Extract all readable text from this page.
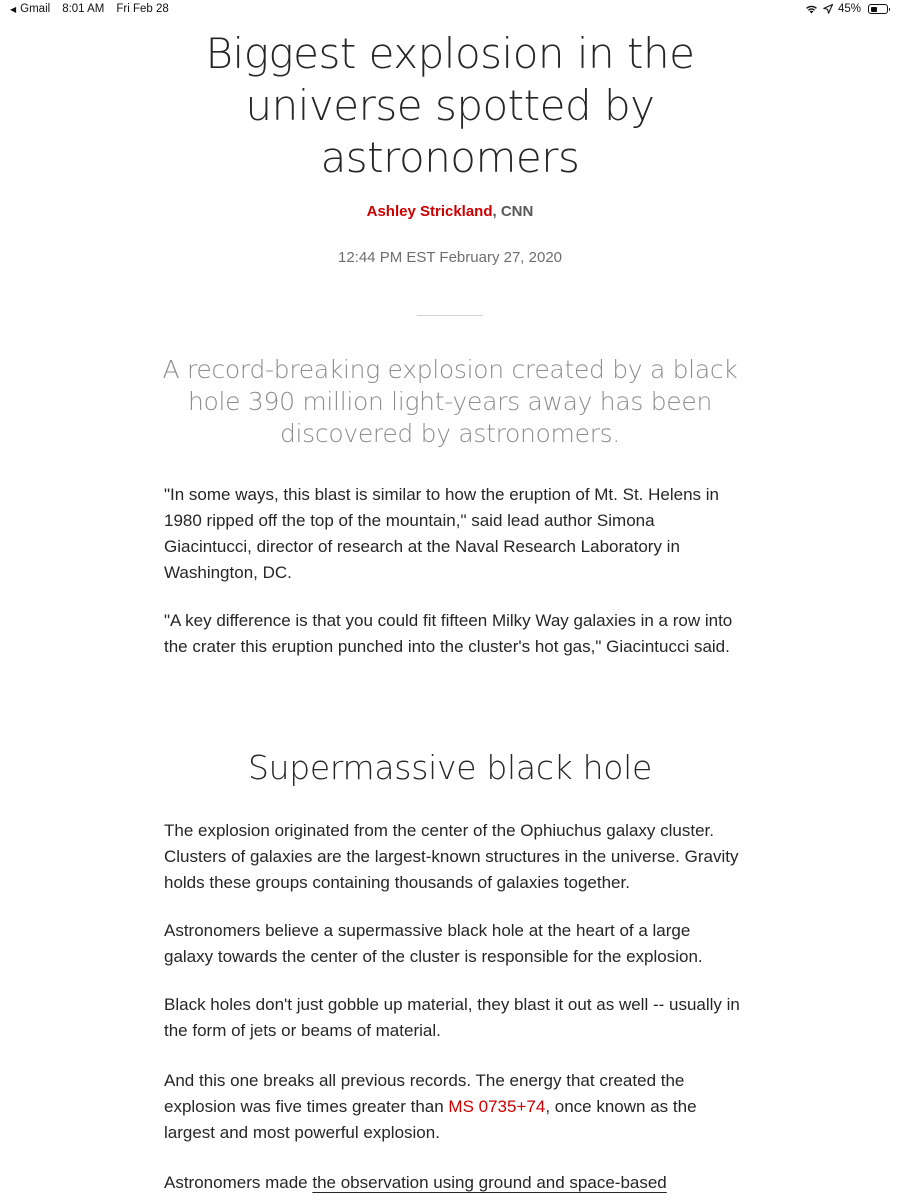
◀ Gmail 8:01 AM Fri Feb 28	45%
Biggest explosion in the universe spotted by astronomers
Ashley Strickland, CNN
12:44 PM EST February 27, 2020

A record-breaking explosion created by a black hole 390 million light-years away has been discovered by astronomers.

"In some ways, this blast is similar to how the eruption of Mt. St. Helens in 1980 ripped off the top of the mountain," said lead author Simona Giacintucci, director of research at the Naval Research Laboratory in Washington, DC.

"A key difference is that you could fit fifteen Milky Way galaxies in a row into the crater this eruption punched into the cluster's hot gas," Giacintucci said.

Supermassive black hole

The explosion originated from the center of the Ophiuchus galaxy cluster. Clusters of galaxies are the largest-known structures in the universe. Gravity holds these groups containing thousands of galaxies together.

Astronomers believe a supermassive black hole at the heart of a large galaxy towards the center of the cluster is responsible for the explosion.

Black holes don't just gobble up material, they blast it out as well -- usually in the form of jets or beams of material.

And this one breaks all previous records. The energy that created the explosion was five times greater than MS 0735+74, once known as the largest and most powerful explosion.

Astronomers made the observation using ground and space-based
